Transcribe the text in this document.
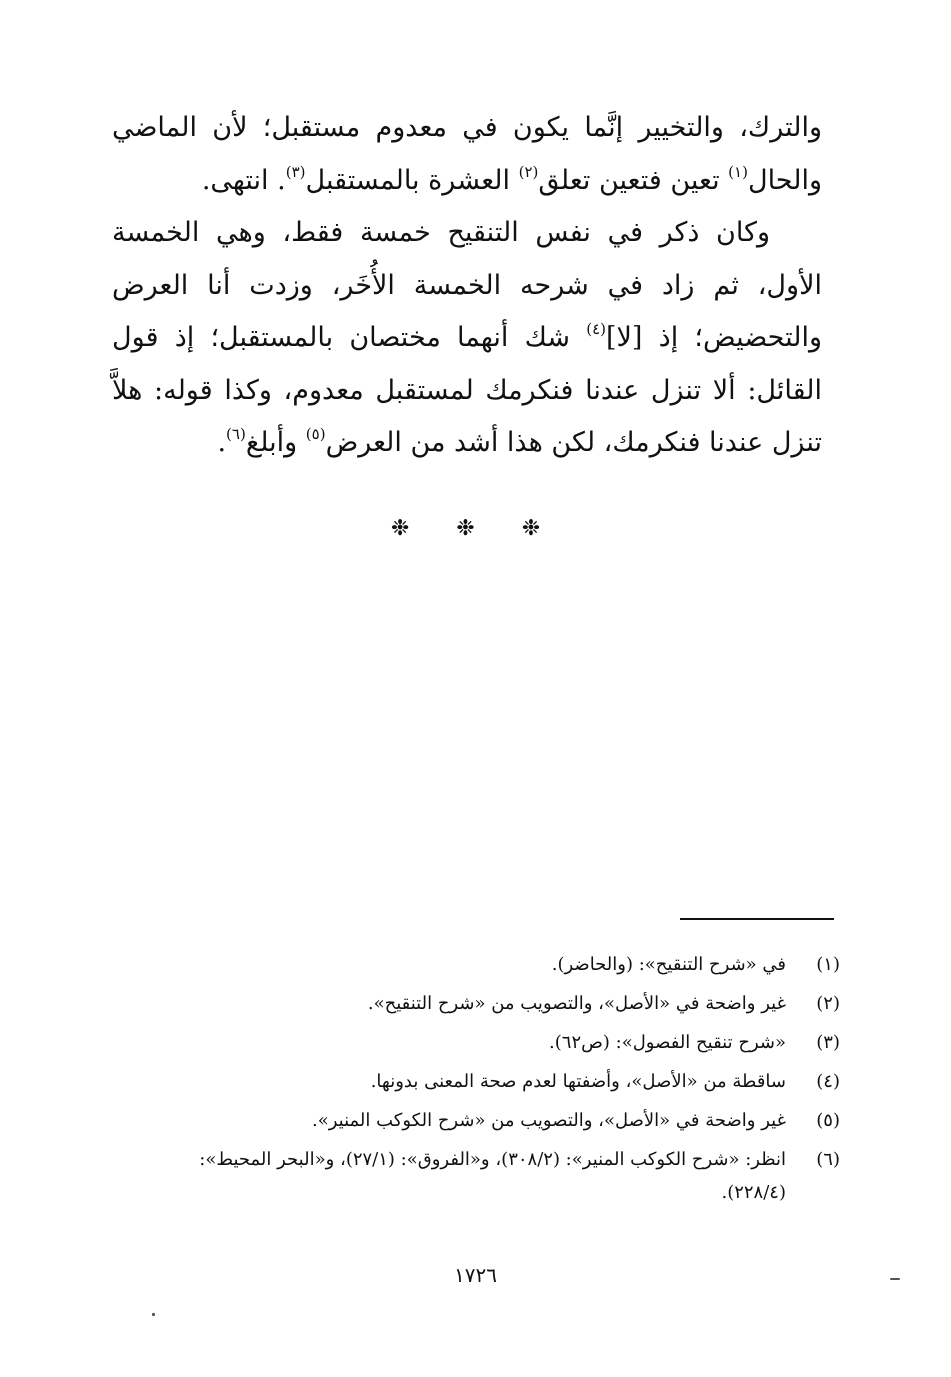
والترك، والتخيير إنَّما يكون في معدوم مستقبل؛ لأن الماضي والحال$^{(١)}$ تعين فتعين تعلق$^{(٢)}$ العشرة بالمستقبل$^{(٣)}$. انتهى.

وكان ذكر في نفس التنقيح خمسة فقط، وهي الخمسة الأول، ثم زاد في شرحه الخمسة الأُخَر، وزدت أنا العرض والتحضيض؛ إذ [لا]$^{(٤)}$ شك أنهما مختصان بالمستقبل؛ إذ قول القائل: ألا تنزل عندنا فنكرمك لمستقبل معدوم، وكذا قوله: هلاَّ تنزل عندنا فنكرمك، لكن هذا أشد من العرض$^{(٥)}$ وأبلغ$^{(٦)}$.

❉ ❉ ❉
(١)
في «شرح التنقيح»: (والحاضر).
(٢)
غير واضحة في «الأصل»، والتصويب من «شرح التنقيح».
(٣)
«شرح تنقيح الفصول»: (ص٦٢).
(٤)
ساقطة من «الأصل»، وأضفتها لعدم صحة المعنى بدونها.
(٥)
غير واضحة في «الأصل»، والتصويب من «شرح الكوكب المنير».
(٦)
انظر: «شرح الكوكب المنير»: (٣٠٨/٢)، و«الفروق»: (٢٧/١)، و«البحر المحيط»: (٢٢٨/٤).
١٧٢٦
